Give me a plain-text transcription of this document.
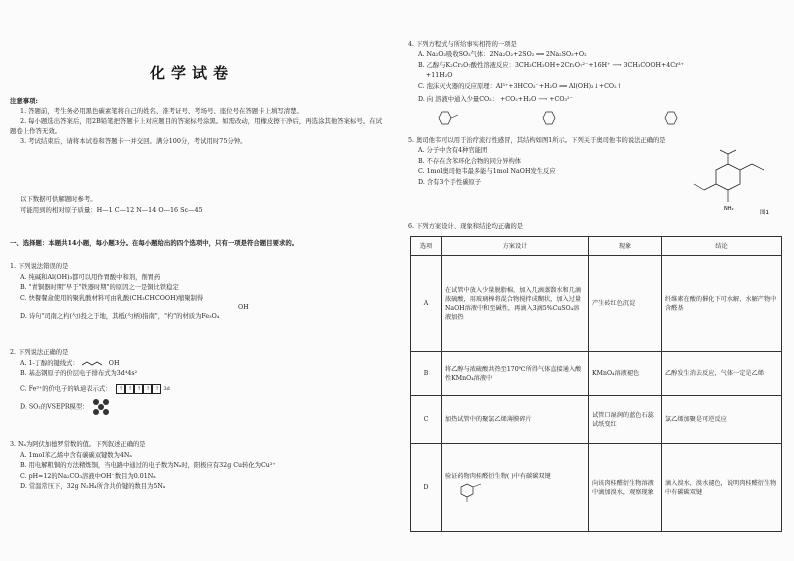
化学试卷

注意事项:

1. 答题前，考生务必用黑色碳素笔将自己的姓名、准考证号、考场号、座位号在答题卡上填写清楚。

2. 每小题选出答案后，用2B铅笔把答题卡上对应题目的答案标号涂黑。如需改动，用橡皮擦干净后，再选涂其他答案标号。在试题卷上作答无效。

3. 考试结束后，请将本试卷和答题卡一并交回。满分100分，考试用时75分钟。

以下数据可供解题时参考。

可能用到的相对原子质量：H—1 C—12 N—14 O—16 Sc—45

一、选择题：本题共14小题，每小题3分。在每小题给出的四个选项中，只有一项是符合题目要求的。

1. 下列说法错误的是

A. 纯碱和Al(OH)₃都可以用作胃酸中和剂，削胃药

B. "青铜器时期"早于"铁器时期"的原因之一是铜比铁稳定

C. 快餐餐盒使用的聚乳酸材料可由乳酸(CH₃CHCOOH)缩聚制得

OH

D. 诗句"司南之杓(勺)投之于地，其柢(勺柄)指南"，"杓"的材质为Fe₃O₄

2. 下列说法正确的是

A. 1-丁醇的键线式：	OH

B. 基态钢原子的价层电子排布式为3d⁴4s²

C. Fe³⁺的价电子的轨道表示式：	↑ ↑ ↑ ↑ ↑ $^{3d}$

D. SO₂的VSEPR模型：

3. Nₐ为阿伏加德罗常数的值。下列叙述正确的是

A. 1mol苯乙烯中含有碳碳双键数为4Nₐ

B. 用电解粗铜的方法精炼铜，当电路中通过的电子数为Nₐ时，阳极应有32g Cu转化为Cu²⁺

C. pH=12的Na₂CO₃溶液中OH⁻数目为0.01Nₐ

D. 常温常压下，32g N₂H₄所含共价键的数目为5Nₐ

4. 下列方程式与所给事实相符的一项是

A. Na₂O₂吸收SO₂气体：2Na₂O₂+2SO₂ ══ 2Na₂SO₃+O₂

B. 乙醇与K₂Cr₂O₇酸性溶液反应：3CH₃CH₂OH+2Cr₂O₇²⁻+16H⁺ ⟶ 3CH₃COOH+4Cr³⁺

+11H₂O

C. 泡沫灭火器的反应原理：Al³⁺+3HCO₃⁻+H₂O ══ Al(OH)₃↓+CO₂↑

D. 向 溶液中通入少量CO₂： +CO₂+H₂O ⟶ +CO₃²⁻

5. 奥司他韦可以用于治疗流行性感冒，其结构如图1所示。下列关于奥司他韦的说法正确的是

A. 分子中含有4种官能团

B. 不存在含苯环化合物的同分异构体

C. 1mol奥司他韦最多能与1mol NaOH发生反应

D. 含有3个手性碳原子

NH₂
图1

6. 下列方案设计、现象和结论均正确的是

选项	方案设计	现象	结论
A	在试管中放入少量脱脂棉，加入几滴蒸馏水和几滴浓硫酸，用玻璃棒将混合物搅拌成糊状，加入过量NaOH溶液中和至碱性，再滴入3滴5%CuSO₄溶液加热	产生砖红色沉淀	纤维素在酸的催化下可水解，水解产物中含醛基
B	将乙醇与浓硫酸共热至170℃所得气体直接通入酸性KMnO₄溶液中	KMnO₄溶液褪色	乙醇发生消去反应，气体一定是乙烯
C	加热试管中的聚氯乙烯薄膜碎片	试管口湿润的蓝色石蕊试纸变红	氯乙烯加聚是可逆反应
D	验证药物肉桂醛衍生物( )中有碳碳双键	向该肉桂醛衍生物溶液中滴加溴水，观察现象	滴入溴水，溴水褪色，说明肉桂醛衍生物中有碳碳双键
